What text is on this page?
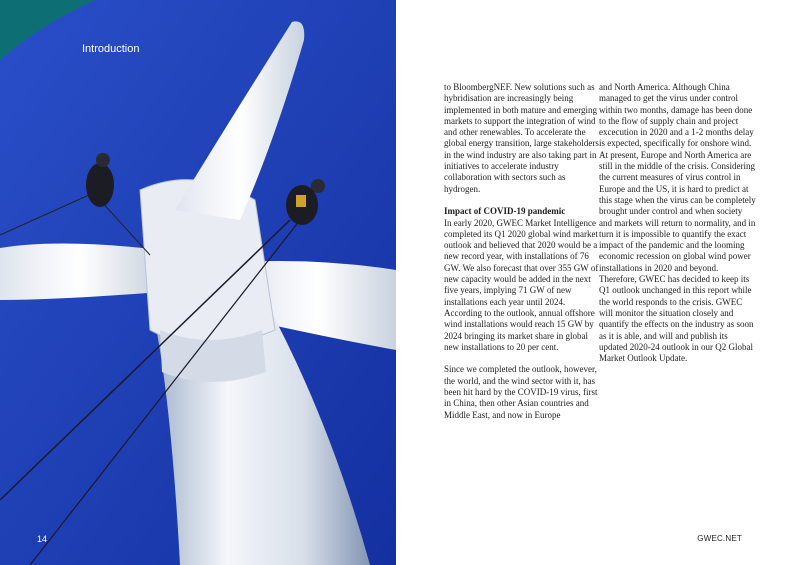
Introduction
14	GWEC.NET

to BloombergNEF. New solutions such as hybridisation are increasingly being implemented in both mature and emerging markets to support the integration of wind and other renewables. To accelerate the global energy transition, large stakeholders in the wind industry are also taking part in initiatives to accelerate industry collaboration with sectors such as hydrogen.

Impact of COVID-19 pandemic
In early 2020, GWEC Market Intelligence completed its Q1 2020 global wind market outlook and believed that 2020 would be a new record year, with installations of 76 GW. We also forecast that over 355 GW of new capacity would be added in the next five years, implying 71 GW of new installations each year until 2024. According to the outlook, annual offshore wind installations would reach 15 GW by 2024 bringing its market share in global new installations to 20 per cent.

Since we completed the outlook, however, the world, and the wind sector with it, has been hit hard by the COVID-19 virus, first in China, then other Asian countries and Middle East, and now in Europe

and North America. Although China managed to get the virus under control within two months, damage has been done to the flow of supply chain and project excecution in 2020 and a 1-2 months delay is expected, specifically for onshore wind. At present, Europe and North America are still in the middle of the crisis. Considering the current measures of virus control in Europe and the US, it is hard to predict at this stage when the virus can be completely brought under control and when society and markets will return to normality, and in turn it is impossible to quantify the exact impact of the pandemic and the looming economic recession on global wind power installations in 2020 and beyond. Therefore, GWEC has decided to keep its Q1 outlook unchanged in this report while the world responds to the crisis. GWEC will monitor the situation closely and quantify the effects on the industry as soon as it is able, and will and publish its updated 2020-24 outlook in our Q2 Global Market Outlook Update.
